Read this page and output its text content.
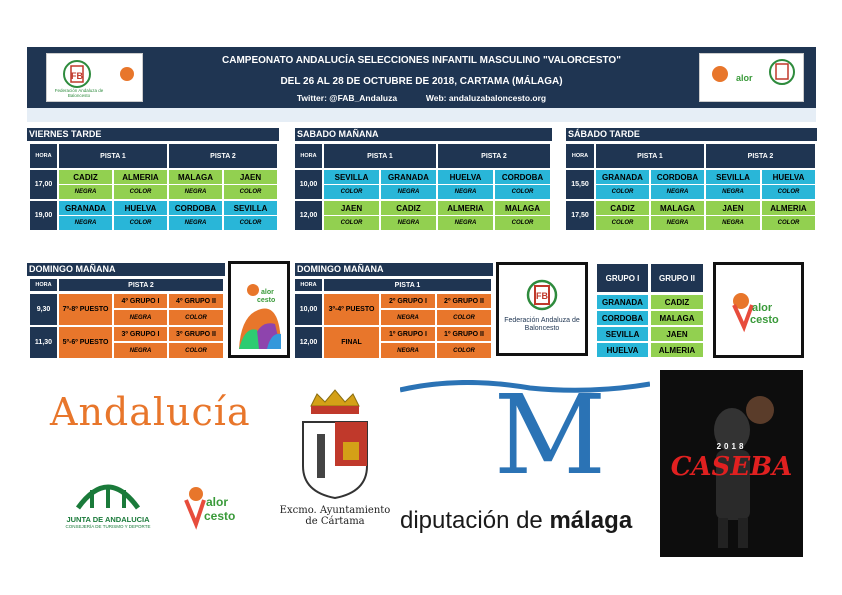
FB
Federación Andaluza de Baloncesto
CAMPEONATO ANDALUCÍA SELECCIONES INFANTIL MASCULINO "VALORCESTO"
DEL 26 AL 28 DE OCTUBRE DE 2018, CARTAMA (MÁLAGA)
Twitter: @FAB_Andaluza	Web: andaluzabaloncesto.org
alor
VIERNES TARDE
HORA	PISTA 1	PISTA 2
17,00
CADIZ	ALMERIA	MALAGA	JAEN
NEGRA	COLOR	NEGRA	COLOR
19,00
GRANADA	HUELVA	CORDOBA	SEVILLA
NEGRA	COLOR	NEGRA	COLOR
SABADO MAÑANA
HORA	PISTA 1	PISTA 2
10,00
SEVILLA	GRANADA	HUELVA	CORDOBA
COLOR	NEGRA	NEGRA	COLOR
12,00
JAEN	CADIZ	ALMERIA	MALAGA
COLOR	NEGRA	NEGRA	COLOR
SÁBADO TARDE
HORA	PISTA 1	PISTA 2
15,50
GRANADA	CORDOBA	SEVILLA	HUELVA
COLOR	NEGRA	NEGRA	COLOR
17,50
CADIZ	MALAGA	JAEN	ALMERIA
COLOR	NEGRA	NEGRA	COLOR
DOMINGO MAÑANA
HORA	PISTA 2
9,30	7º-8º PUESTO
4º GRUPO I	4º GRUPO II
NEGRA	COLOR
11,30	5º-6º PUESTO
3º GRUPO I	3º GRUPO II
NEGRA	COLOR
alor
cesto
DOMINGO MAÑANA
HORA	PISTA 1
10,00	3º-4º PUESTO
2º GRUPO I	2º GRUPO II
NEGRA	COLOR
12,00	FINAL
1º GRUPO I	1º GRUPO II
NEGRA	COLOR
FB
Federación Andaluza de Baloncesto
GRUPO I	GRUPO II
GRANADA	CADIZ
CORDOBA	MALAGA
SEVILLA	JAEN
HUELVA	ALMERIA
alor
cesto
Andalucía
JUNTA DE ANDALUCIA
CONSEJERÍA DE TURISMO Y DEPORTE
alor
cesto	Excmo. Ayuntamiento
de Cártama
M
diputación de málaga
2018
CASEBA
